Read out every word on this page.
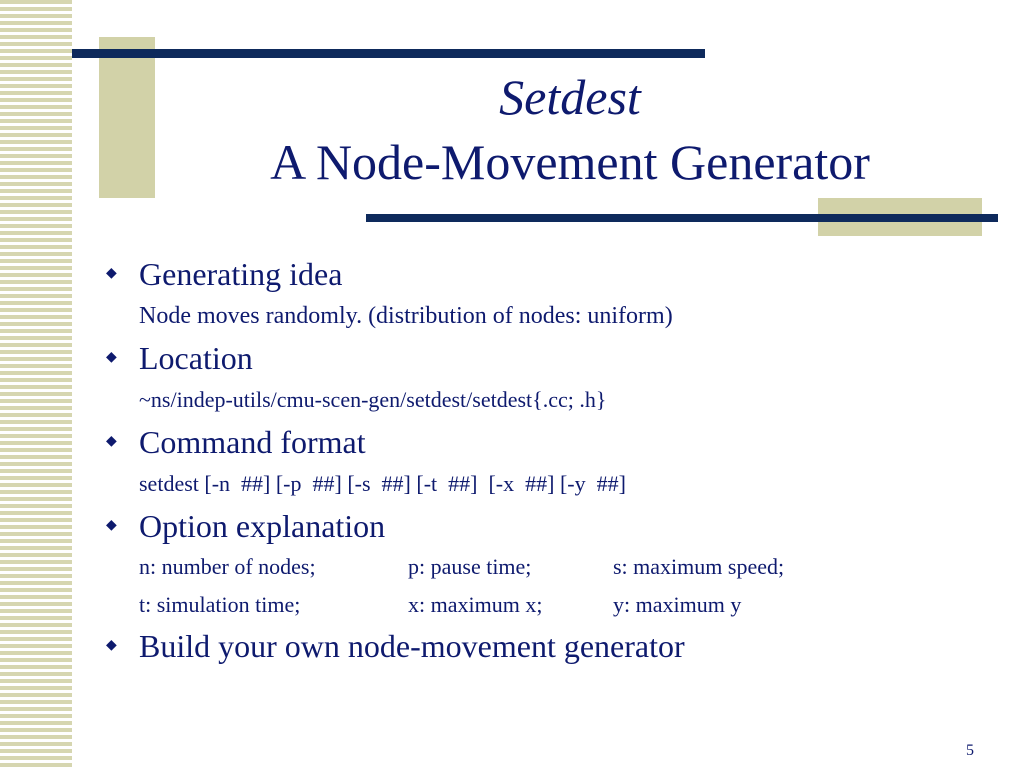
Setdest
A Node-Movement Generator
◆ Generating idea
Node moves randomly. (distribution of nodes: uniform)
◆ Location
~ns/indep-utils/cmu-scen-gen/setdest/setdest{.cc; .h}
◆ Command format
setdest [-n  ##] [-p  ##] [-s  ##] [-t  ##]  [-x  ##] [-y  ##]
◆ Option explanation
n: number of nodes;	p: pause time;	s: maximum speed;
t: simulation time;	x: maximum x;	y: maximum y
◆ Build your own node-movement generator
5
